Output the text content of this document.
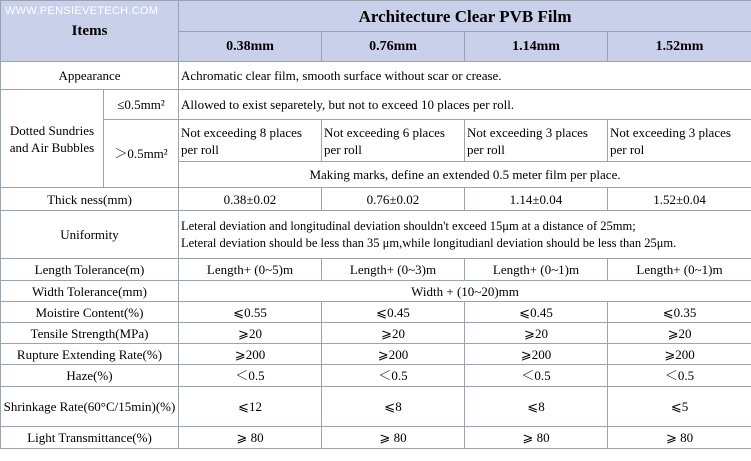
WWW.PENSIEVETECH.COM
Items		Architecture Clear PVB Film			
		0.38mm	0.76mm	1.14mm	1.52mm
Appearance		Achromatic clear film, smooth surface without scar or crease.			
Dotted Sundries and Air Bubbles	≤0.5mm²	Allowed to exist separetely, but not to exceed 10 places per roll.			
	＞0.5mm²	Not exceeding 8 places per roll	Not exceeding 6 places per roll	Not exceeding 3 places per roll	Not exceeding 3 places per rol
		Making marks, define an extended 0.5 meter film per place.			
Thick ness(mm)		0.38±0.02	0.76±0.02	1.14±0.04	1.52±0.04
Uniformity		Leteral deviation and longitudinal deviation shouldn't exceed 15μm at a distance of 25mm;
Leteral deviation should be less than 35 μm,while longitudianl deviation should be less than 25μm.			

Length Tolerance(m)		Length+ (0~5)m	Length+ (0~3)m	Length+ (0~1)m	Length+ (0~1)m
Width Tolerance(mm)		Width + (10~20)mm			
Moistire Content(%)		⩽0.55	⩽0.45	⩽0.45	⩽0.35
Tensile Strength(MPa)		⩾20	⩾20	⩾20	⩾20
Rupture Extending Rate(%)		⩾200	⩾200	⩾200	⩾200
Haze(%)		＜0.5	＜0.5	＜0.5	＜0.5
Shrinkage Rate(60°C/15min)(%)		⩽12	⩽8	⩽8	⩽5
Light Transmittance(%)		⩾ 80	⩾ 80	⩾ 80	⩾ 80
